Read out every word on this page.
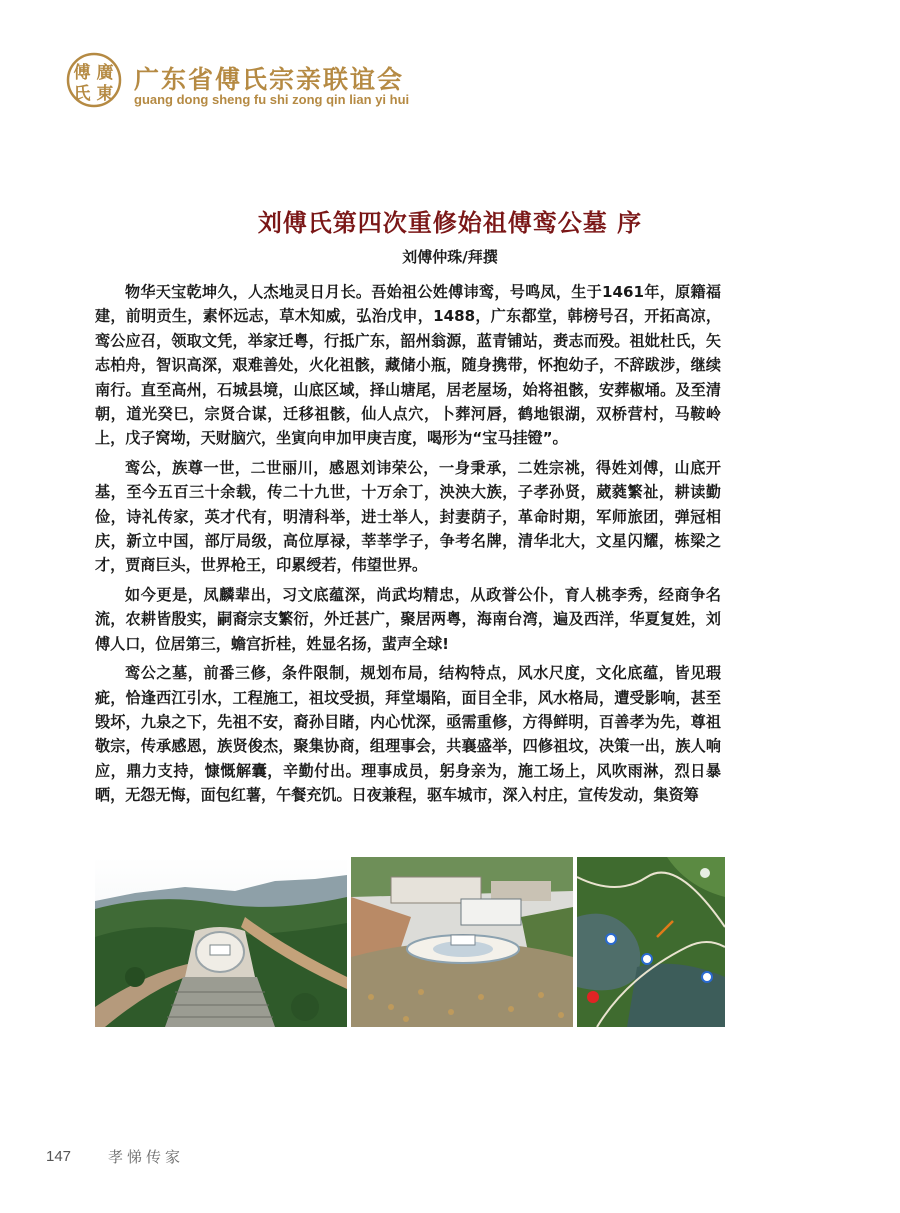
傅 廣
氏 東 广东省傅氏宗亲联谊会
guang dong sheng fu shi zong qin lian yi hui
刘傅氏第四次重修始祖傅鸾公墓 序
刘傅仲珠/拜撰

物华天宝乾坤久，人杰地灵日月长。吾始祖公姓傅讳鸾，号鸣凤，生于1461年，原籍福建，前明贡生，素怀远志，草木知威，弘治戊申，1488，广东都堂，韩榜号召，开拓高凉，鸾公应召，领取文凭，举家迁粤，行抵广东，韶州翁源，蓝青铺站，赉志而殁。祖妣杜氏，矢志柏舟，智识高深，艰难善处，火化祖骸，藏储小瓶，随身携带，怀抱幼子，不辞跋涉，继续南行。直至高州，石城县境，山底区域，择山塘尾，居老屋场，始将祖骸，安葬椒埇。及至清朝，道光癸巳，宗贤合谋，迁移祖骸，仙人点穴，卜葬河唇，鹤地银湖，双桥营村，马鞍岭上，戊子窝坳，天财脑穴，坐寅向申加甲庚吉度，喝形为“宝马挂镫”。

鸾公，族尊一世，二世丽川，感恩刘讳荣公，一身秉承，二姓宗祧，得姓刘傅，山底开基，至今五百三十余载，传二十九世，十万余丁，泱泱大族，子孝孙贤，葳蕤繁祉，耕读勤俭，诗礼传家，英才代有，明清科举，进士举人，封妻荫子，革命时期，军师旅团，弹冠相庆，新立中国，部厅局级，高位厚禄，莘莘学子，争考名牌，清华北大，文星闪耀，栋梁之才，贾商巨头，世界枪王，印累绶若，伟望世界。

如今更是，凤麟辈出，习文底蕴深，尚武均精忠，从政誉公仆，育人桃李秀，经商争名流，农耕皆殷实，嗣裔宗支繁衍，外迁甚广，聚居两粤，海南台湾，遍及西洋，华夏复姓，刘傅人口，位居第三，蟾宫折桂，姓显名扬，蜚声全球!

鸾公之墓，前番三修，条件限制，规划布局，结构特点，风水尺度，文化底蕴，皆见瑕疵，恰逢西江引水，工程施工，祖坟受损，拜堂塌陷，面目全非，风水格局，遭受影响，甚至毁坏，九泉之下，先祖不安，裔孙目睹，内心忧深，亟需重修，方得鲜明，百善孝为先，尊祖敬宗，传承感恩，族贤俊杰，聚集协商，组理事会，共襄盛举，四修祖坟，决策一出，族人响应，鼎力支持，慷慨解囊，辛勤付出。理事成员，躬身亲为，施工场上，风吹雨淋，烈日暴晒，无怨无悔，面包红薯，午餐充饥。日夜兼程，驱车城市，深入村庄，宣传发动，集资筹

147 孝悌传家
